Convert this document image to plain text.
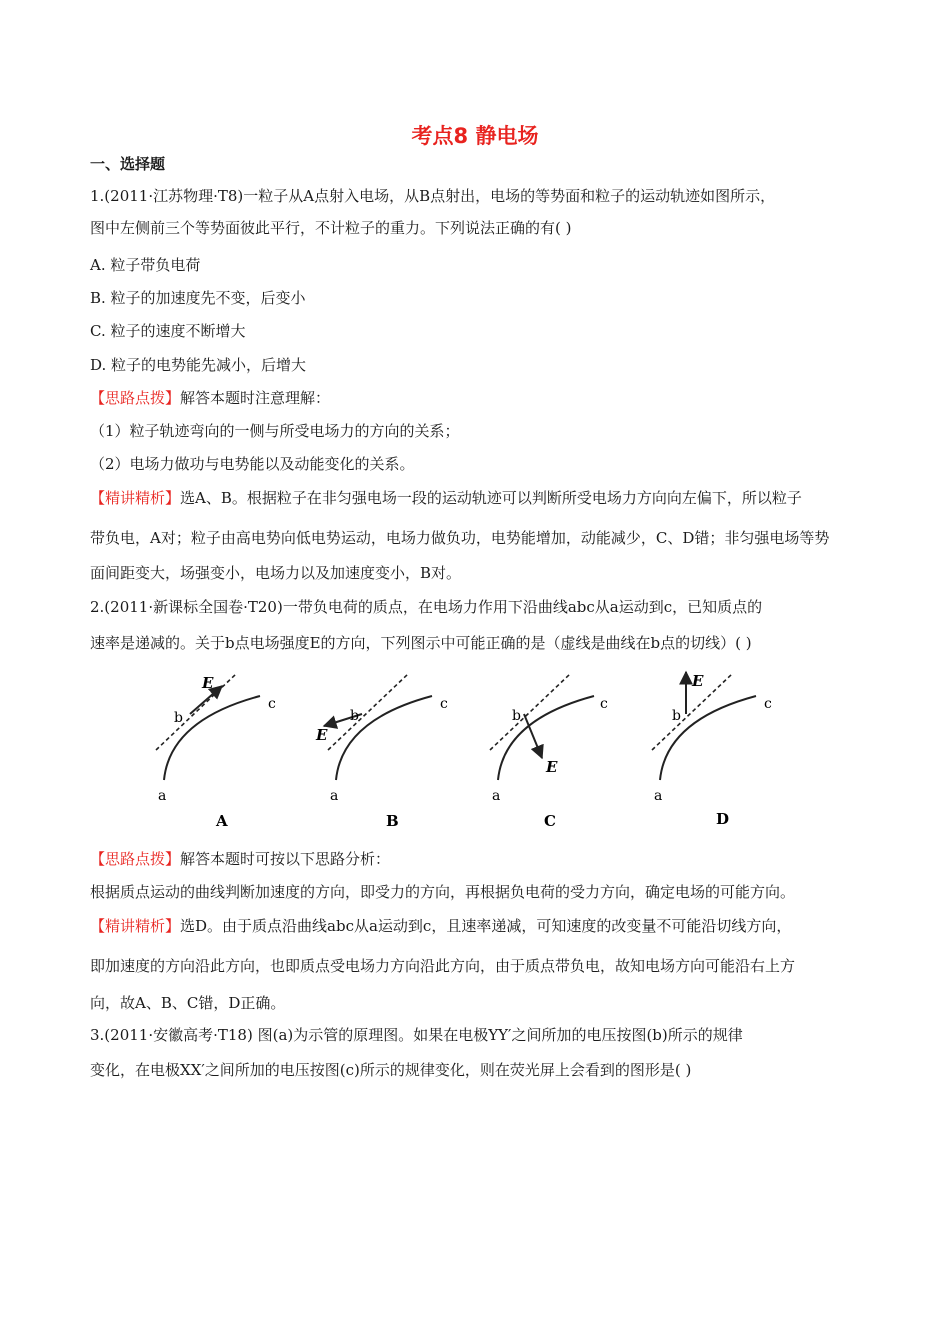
考点8 静电场
一、选择题
1.(2011·江苏物理·T8)一粒子从A点射入电场，从B点射出，电场的等势面和粒子的运动轨迹如图所示，
图中左侧前三个等势面彼此平行，不计粒子的重力。下列说法正确的有( )
A. 粒子带负电荷
B. 粒子的加速度先不变，后变小
C. 粒子的速度不断增大
D. 粒子的电势能先减小，后增大
【思路点拨】解答本题时注意理解：
（1）粒子轨迹弯向的一侧与所受电场力的方向的关系；
（2）电场力做功与电势能以及动能变化的关系。
【精讲精析】选A、B。根据粒子在非匀强电场一段的运动轨迹可以判断所受电场力方向向左偏下，所以粒子
带负电，A对；粒子由高电势向低电势运动，电场力做负功，电势能增加，动能减少，C、D错；非匀强电场等势
面间距变大，场强变小，电场力以及加速度变小，B对。
2.(2011·新课标全国卷·T20)一带负电荷的质点，在电场力作用下沿曲线abc从a运动到c，已知质点的
速率是递减的。关于b点电场强度E的方向，下列图示中可能正确的是（虚线是曲线在b点的切线）( )
E
b
c
a
A
E
b
c
a
B
E
b
c
a
C
E
b
c
a
D
【思路点拨】解答本题时可按以下思路分析：
根据质点运动的曲线判断加速度的方向，即受力的方向，再根据负电荷的受力方向，确定电场的可能方向。
【精讲精析】选D。由于质点沿曲线abc从a运动到c，且速率递减，可知速度的改变量不可能沿切线方向，
即加速度的方向沿此方向，也即质点受电场力方向沿此方向，由于质点带负电，故知电场方向可能沿右上方
向，故A、B、C错，D正确。
3.(2011·安徽高考·T18) 图(a)为示管的原理图。如果在电极YY′之间所加的电压按图(b)所示的规律
变化，在电极XX′之间所加的电压按图(c)所示的规律变化，则在荧光屏上会看到的图形是( )
